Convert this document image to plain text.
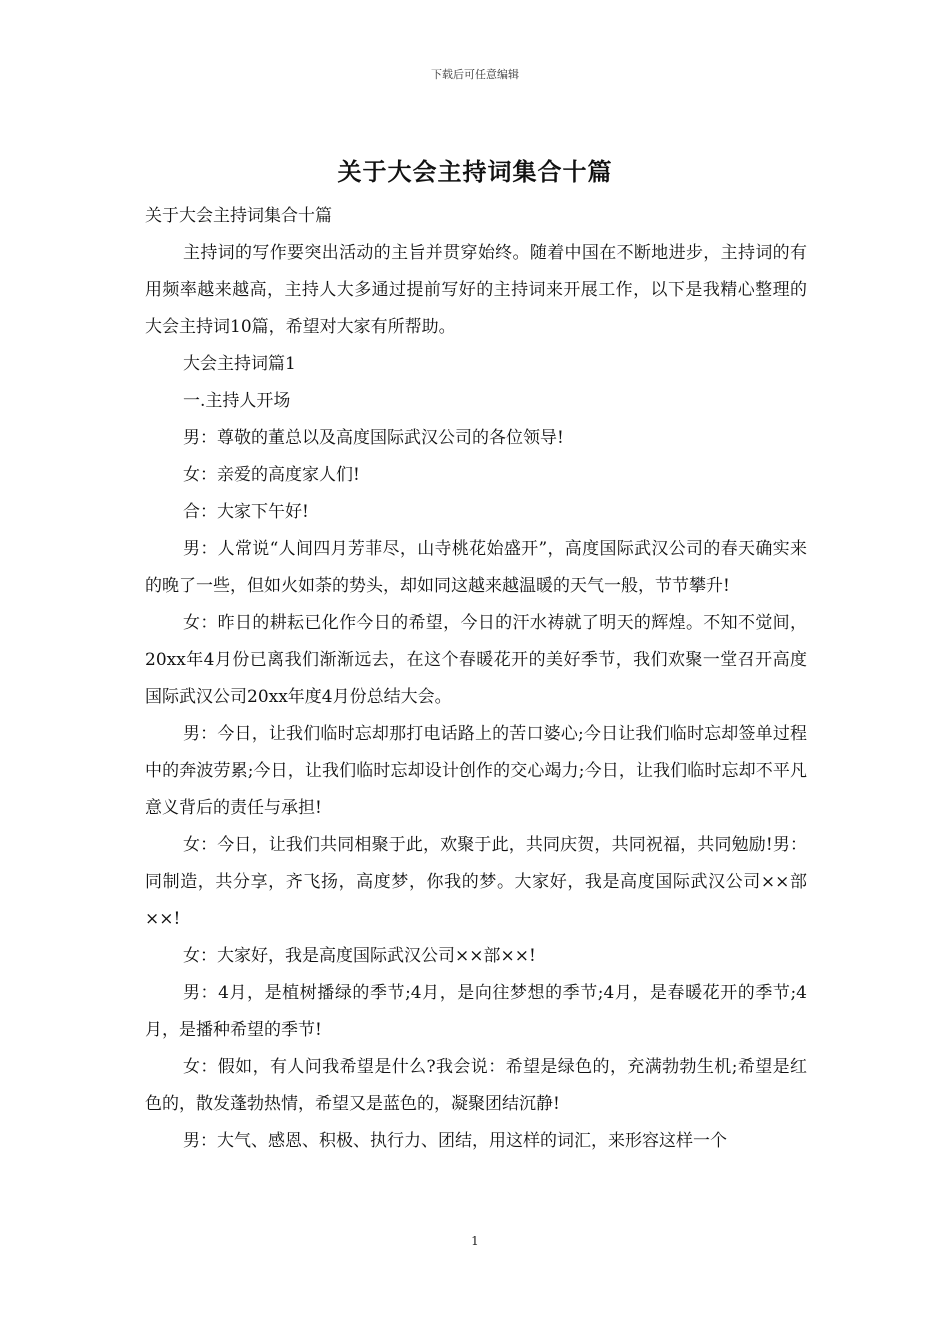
下载后可任意编辑
关于大会主持词集合十篇

关于大会主持词集合十篇

主持词的写作要突出活动的主旨并贯穿始终。随着中国在不断地进步，主持词的有用频率越来越高，主持人大多通过提前写好的主持词来开展工作，以下是我精心整理的大会主持词10篇，希望对大家有所帮助。

大会主持词篇1

一.主持人开场

男：尊敬的董总以及高度国际武汉公司的各位领导!

女：亲爱的高度家人们!

合：大家下午好!

男：人常说“人间四月芳菲尽，山寺桃花始盛开”，高度国际武汉公司的春天确实来的晚了一些，但如火如荼的势头，却如同这越来越温暖的天气一般，节节攀升!

女：昨日的耕耘已化作今日的希望，今日的汗水祷就了明天的辉煌。不知不觉间，20xx年4月份已离我们渐渐远去，在这个春暖花开的美好季节，我们欢聚一堂召开高度国际武汉公司20xx年度4月份总结大会。

男：今日，让我们临时忘却那打电话路上的苦口婆心;今日让我们临时忘却签单过程中的奔波劳累;今日，让我们临时忘却设计创作的交心竭力;今日，让我们临时忘却不平凡意义背后的责任与承担!

女：今日，让我们共同相聚于此，欢聚于此，共同庆贺，共同祝福，共同勉励!男：同制造，共分享，齐飞扬，高度梦，你我的梦。大家好，我是高度国际武汉公司××部××!

女：大家好，我是高度国际武汉公司××部××!

男：4月，是植树播绿的季节;4月，是向往梦想的季节;4月，是春暖花开的季节;4月，是播种希望的季节!

女：假如，有人问我希望是什么?我会说：希望是绿色的，充满勃勃生机;希望是红色的，散发蓬勃热情，希望又是蓝色的，凝聚团结沉静!

男：大气、感恩、积极、执行力、团结，用这样的词汇，来形容这样一个

1
